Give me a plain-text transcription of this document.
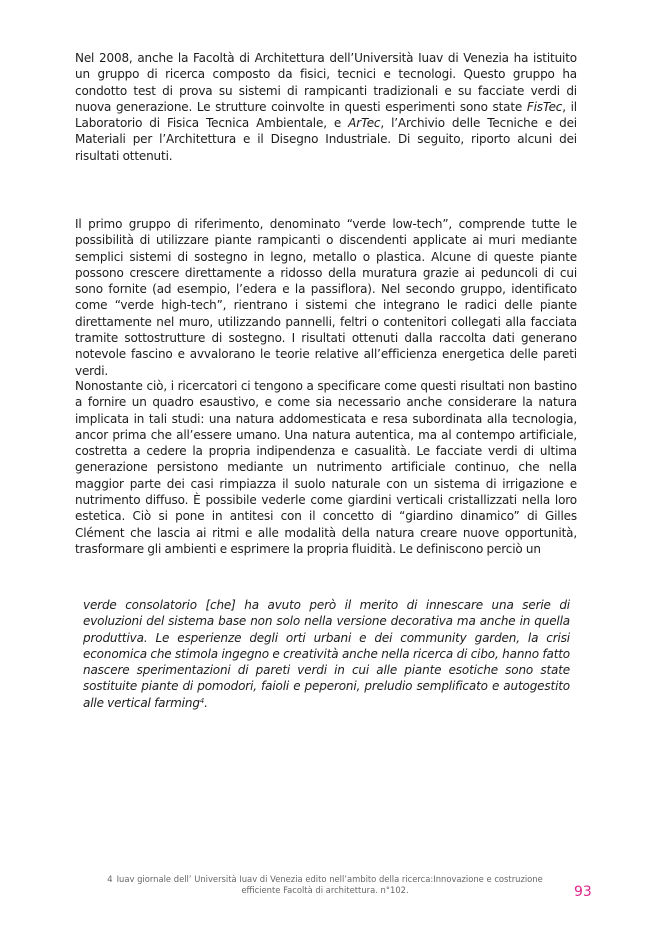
Nel 2008, anche la Facoltà di Architettura dell’Università Iuav di Venezia ha istituito un gruppo di ricerca composto da fisici, tecnici e tecnologi. Questo gruppo ha condotto test di prova su sistemi di rampicanti tradizionali e su facciate verdi di nuova generazione. Le strutture coinvolte in questi esperimenti sono state FisTec, il Laboratorio di Fisica Tecnica Ambientale, e ArTec, l’Archivio delle Tecniche e dei Materiali per l’Architettura e il Disegno Industriale. Di seguito, riporto alcuni dei risultati ottenuti.

Il primo gruppo di riferimento, denominato “verde low-tech”, comprende tutte le possibilità di utilizzare piante rampicanti o discendenti applicate ai muri mediante semplici sistemi di sostegno in legno, metallo o plastica. Alcune di queste piante possono crescere direttamente a ridosso della muratura grazie ai peduncoli di cui sono fornite (ad esempio, l’edera e la passiflora). Nel secondo gruppo, identificato come “verde high-tech”, rientrano i sistemi che integrano le radici delle piante direttamente nel muro, utilizzando pannelli, feltri o contenitori collegati alla facciata tramite sottostrutture di sostegno. I risultati ottenuti dalla raccolta dati generano notevole fascino e avvalorano le teorie relative all’efficienza energetica delle pareti verdi.

Nonostante ciò, i ricercatori ci tengono a specificare come questi risultati non bastino a fornire un quadro esaustivo, e come sia necessario anche considerare la natura implicata in tali studi: una natura addomesticata e resa subordinata alla tecnologia, ancor prima che all’essere umano. Una natura autentica, ma al contempo artificiale, costretta a cedere la propria indipendenza e casualità. Le facciate verdi di ultima generazione persistono mediante un nutrimento artificiale continuo, che nella maggior parte dei casi rimpiazza il suolo naturale con un sistema di irrigazione e nutrimento diffuso. È possibile vederle come giardini verticali cristallizzati nella loro estetica. Ciò si pone in antitesi con il concetto di “giardino dinamico” di Gilles Clément che lascia ai ritmi e alle modalità della natura creare nuove opportunità, trasformare gli ambienti e esprimere la propria fluidità. Le definiscono perciò un

verde consolatorio [che] ha avuto però il merito di innescare una serie di evoluzioni del sistema base non solo nella versione decorativa ma anche in quella produttiva. Le esperienze degli orti urbani e dei community garden, la crisi economica che stimola ingegno e creatività anche nella ricerca di cibo, hanno fatto nascere sperimentazioni di pareti verdi in cui alle piante esotiche sono state sostituite piante di pomodori, faioli e peperoni, preludio semplificato e autogestito alle vertical farming$^4$.

4 Iuav giornale dell’ Università Iuav di Venezia edito nell’ambito della ricerca:Innovazione e costruzione efficiente Facoltà di architettura. n°102.	93
